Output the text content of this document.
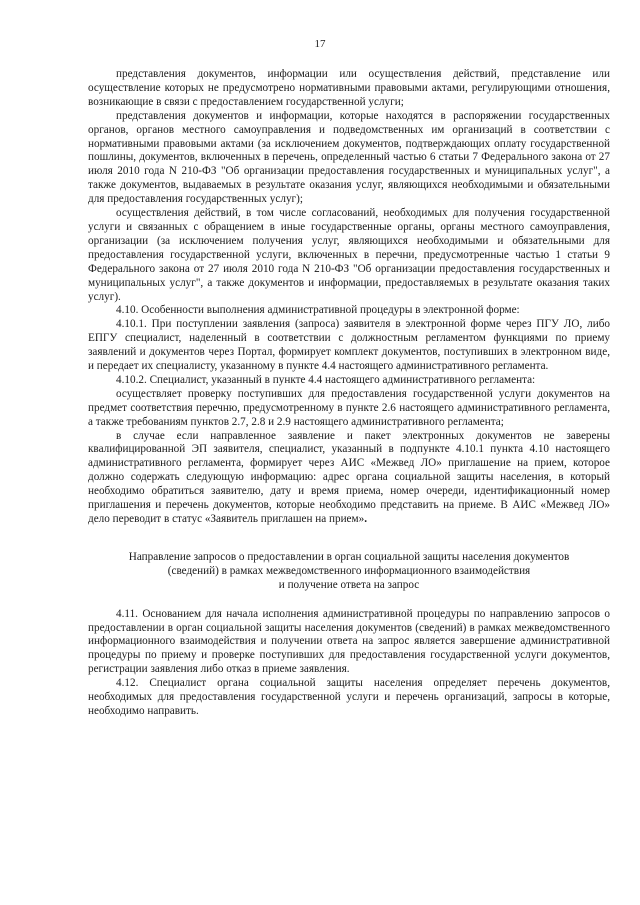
17

представления документов, информации или осуществления действий, представление или осуществление которых не предусмотрено нормативными правовыми актами, регулирующими отношения, возникающие в связи с предоставлением государственной услуги;

представления документов и информации, которые находятся в распоряжении государственных органов, органов местного самоуправления и подведомственных им организаций в соответствии с нормативными правовыми актами (за исключением документов, подтверждающих оплату государственной пошлины, документов, включенных в перечень, определенный частью 6 статьи 7 Федерального закона от 27 июля 2010 года N 210-ФЗ "Об организации предоставления государственных и муниципальных услуг", а также документов, выдаваемых в результате оказания услуг, являющихся необходимыми и обязательными для предоставления государственных услуг);

осуществления действий, в том числе согласований, необходимых для получения государственной услуги и связанных с обращением в иные государственные органы, органы местного самоуправления, организации (за исключением получения услуг, являющихся необходимыми и обязательными для предоставления государственной услуги, включенных в перечни, предусмотренные частью 1 статьи 9 Федерального закона от 27 июля 2010 года N 210-ФЗ "Об организации предоставления государственных и муниципальных услуг", а также документов и информации, предоставляемых в результате оказания таких услуг).

4.10. Особенности выполнения административной процедуры в электронной форме:

4.10.1. При поступлении заявления (запроса) заявителя в электронной форме через ПГУ ЛО, либо ЕПГУ специалист, наделенный в соответствии с должностным регламентом функциями по приему заявлений и документов через Портал, формирует комплект документов, поступивших в электронном виде, и передает их специалисту, указанному в пункте 4.4 настоящего административного регламента.

4.10.2. Специалист, указанный в пункте 4.4 настоящего административного регламента:

осуществляет проверку поступивших для предоставления государственной услуги документов на предмет соответствия перечню, предусмотренному в пункте 2.6 настоящего административного регламента, а также требованиям пунктов 2.7, 2.8 и 2.9 настоящего административного регламента;

в случае если направленное заявление и пакет электронных документов не заверены квалифицированной ЭП заявителя, специалист, указанный в подпункте 4.10.1 пункта 4.10 настоящего административного регламента, формирует через АИС «Межвед ЛО» приглашение на прием, которое должно содержать следующую информацию: адрес органа социальной защиты населения, в который необходимо обратиться заявителю, дату и время приема, номер очереди, идентификационный номер приглашения и перечень документов, которые необходимо представить на приеме. В АИС «Межвед ЛО» дело переводит в статус «Заявитель приглашен на прием».

Направление запросов о предоставлении в орган социальной защиты населения документов
(сведений) в рамках межведомственного информационного взаимодействия
и получение ответа на запрос

4.11. Основанием для начала исполнения административной процедуры по направлению запросов о предоставлении в орган социальной защиты населения документов (сведений) в рамках межведомственного информационного взаимодействия и получении ответа на запрос является завершение административной процедуры по приему и проверке поступивших для предоставления государственной услуги документов, регистрации заявления либо отказ в приеме заявления.

4.12. Специалист органа социальной защиты населения определяет перечень документов, необходимых для предоставления государственной услуги и перечень организаций, запросы в которые, необходимо направить.
